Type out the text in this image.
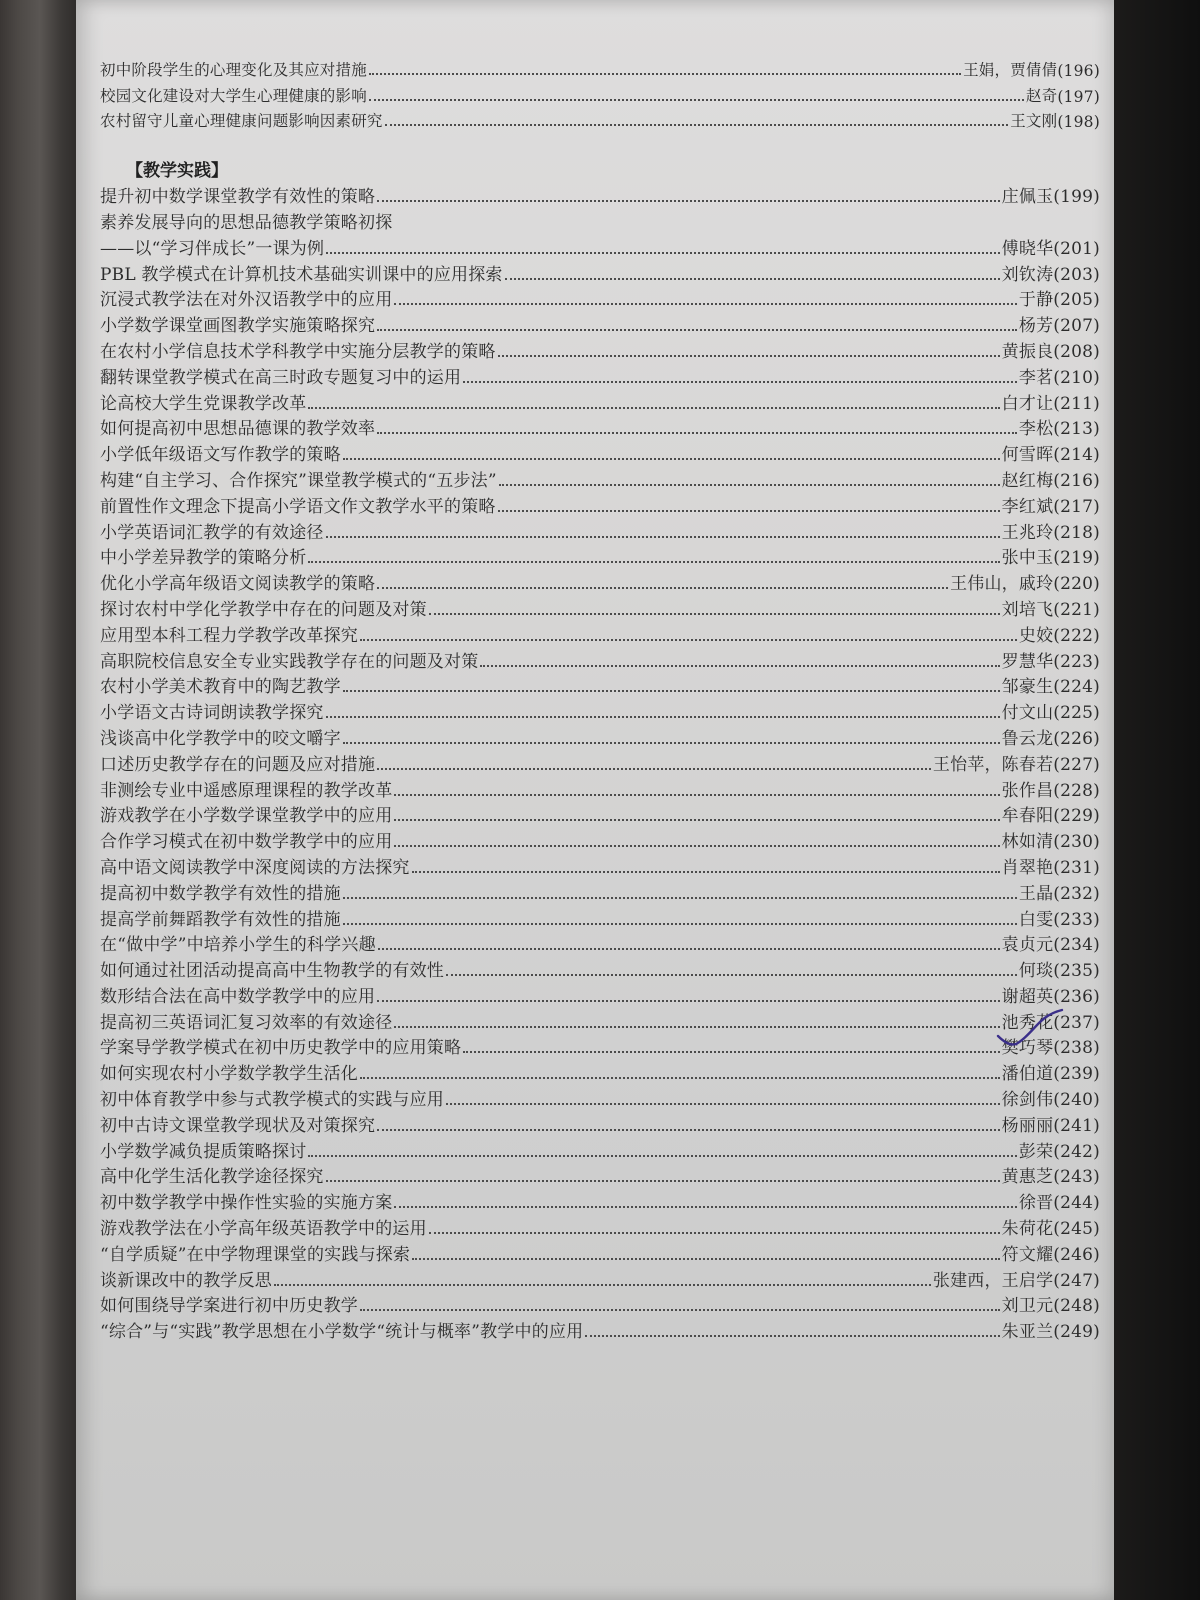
初中阶段学生的心理变化及其应对措施	王娟，贾倩倩 (196)
校园文化建设对大学生心理健康的影响	赵奇 (197)
农村留守儿童心理健康问题影响因素研究	王文刚 (198)
【教学实践】
提升初中数学课堂教学有效性的策略	庄佩玉 (199)
素养发展导向的思想品德教学策略初探
——以“学习伴成长”一课为例	傅晓华 (201)
PBL 教学模式在计算机技术基础实训课中的应用探索	刘钦涛 (203)
沉浸式教学法在对外汉语教学中的应用	于静 (205)
小学数学课堂画图教学实施策略探究	杨芳 (207)
在农村小学信息技术学科教学中实施分层教学的策略	黄振良 (208)
翻转课堂教学模式在高三时政专题复习中的运用	李茗 (210)
论高校大学生党课教学改革	白才让 (211)
如何提高初中思想品德课的教学效率	李松 (213)
小学低年级语文写作教学的策略	何雪晖 (214)
构建“自主学习、合作探究”课堂教学模式的“五步法”	赵红梅 (216)
前置性作文理念下提高小学语文作文教学水平的策略	李红斌 (217)
小学英语词汇教学的有效途径	王兆玲 (218)
中小学差异教学的策略分析	张中玉 (219)
优化小学高年级语文阅读教学的策略	王伟山，戚玲 (220)
探讨农村中学化学教学中存在的问题及对策	刘培飞 (221)
应用型本科工程力学教学改革探究	史姣 (222)
高职院校信息安全专业实践教学存在的问题及对策	罗慧华 (223)
农村小学美术教育中的陶艺教学	邹豪生 (224)
小学语文古诗词朗读教学探究	付文山 (225)
浅谈高中化学教学中的咬文嚼字	鲁云龙 (226)
口述历史教学存在的问题及应对措施	王怡苹，陈春若 (227)
非测绘专业中遥感原理课程的教学改革	张作昌 (228)
游戏教学在小学数学课堂教学中的应用	牟春阳 (229)
合作学习模式在初中数学教学中的应用	林如清 (230)
高中语文阅读教学中深度阅读的方法探究	肖翠艳 (231)
提高初中数学教学有效性的措施	王晶 (232)
提高学前舞蹈教学有效性的措施	白雯 (233)
在“做中学”中培养小学生的科学兴趣	袁贞元 (234)
如何通过社团活动提高高中生物教学的有效性	何琰 (235)
数形结合法在高中数学教学中的应用	谢超英 (236)
提高初三英语词汇复习效率的有效途径	池秀花 (237)
学案导学教学模式在初中历史教学中的应用策略	樊巧琴 (238)
如何实现农村小学数学教学生活化	潘伯道 (239)
初中体育教学中参与式教学模式的实践与应用	徐剑伟 (240)
初中古诗文课堂教学现状及对策探究	杨丽丽 (241)
小学数学减负提质策略探讨	彭荣 (242)
高中化学生活化教学途径探究	黄惠芝 (243)
初中数学教学中操作性实验的实施方案	徐晋 (244)
游戏教学法在小学高年级英语教学中的运用	朱荷花 (245)
“自学质疑”在中学物理课堂的实践与探索	符文耀 (246)
谈新课改中的教学反思	张建西，王启学 (247)
如何围绕导学案进行初中历史教学	刘卫元 (248)
“综合”与“实践”教学思想在小学数学“统计与概率”教学中的应用	朱亚兰 (249)
